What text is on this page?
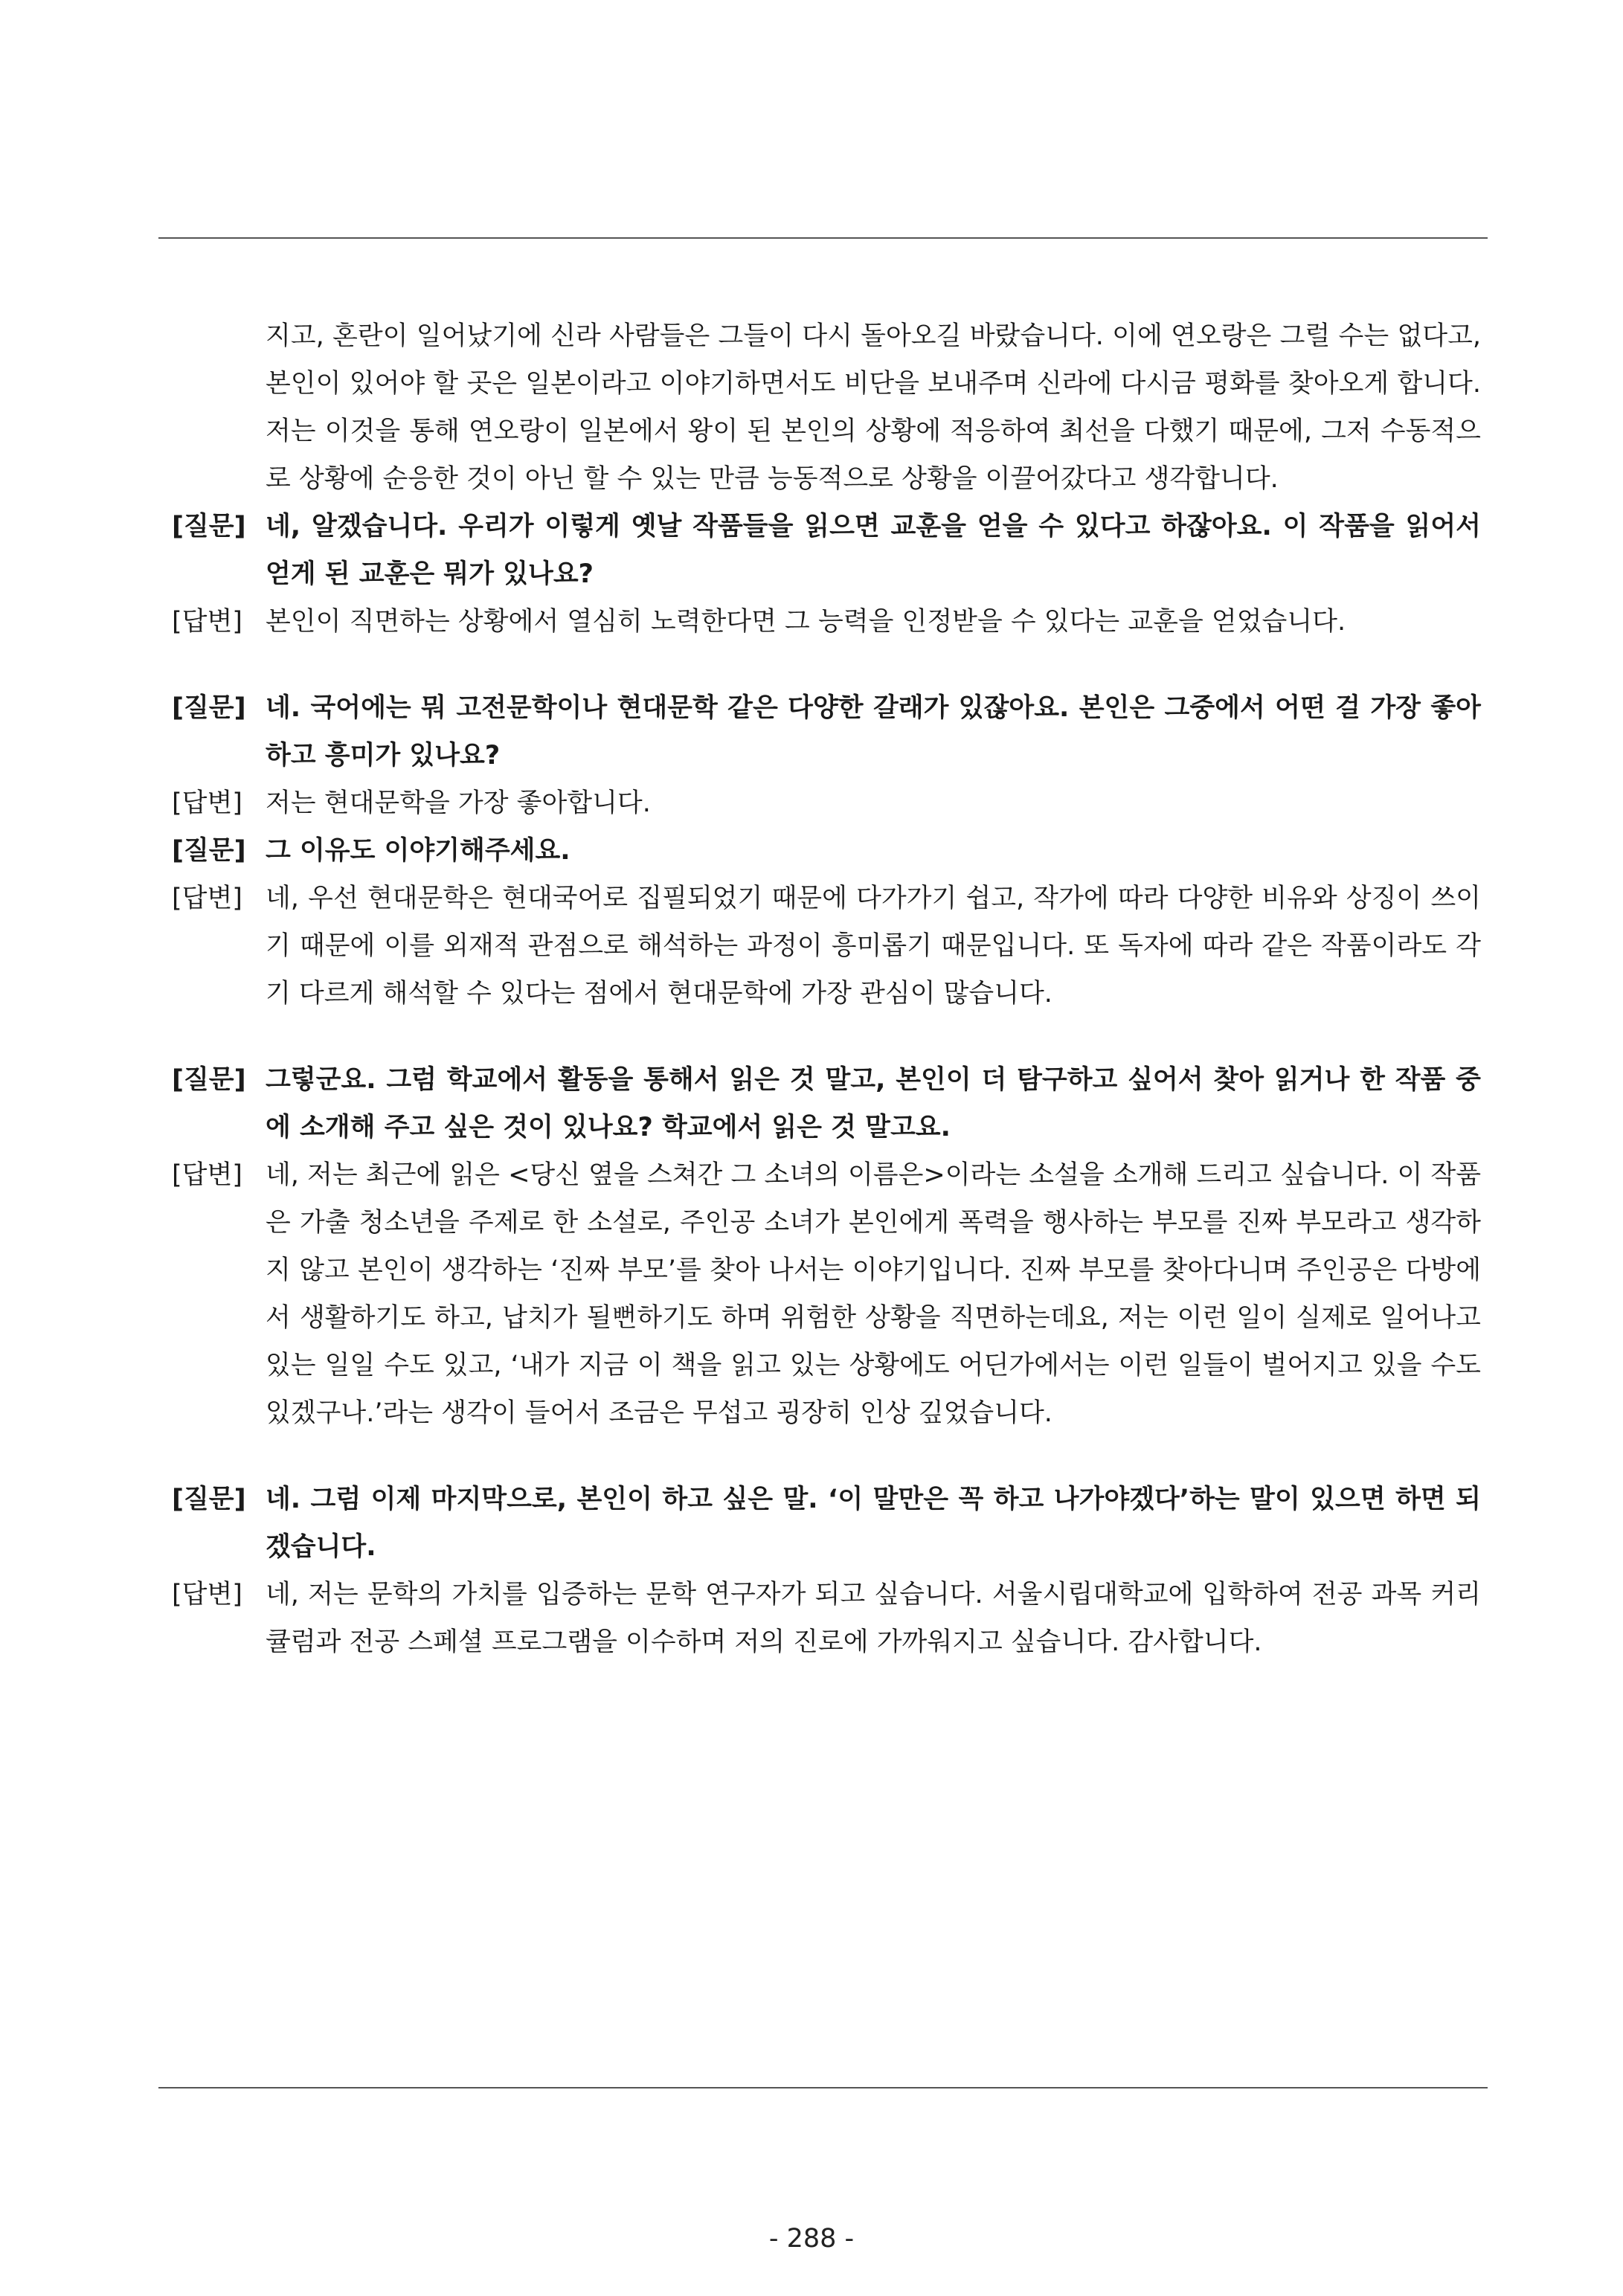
지고, 혼란이 일어났기에 신라 사람들은 그들이 다시 돌아오길 바랐습니다. 이에 연오랑은 그럴 수는 없다고, 본인이 있어야 할 곳은 일본이라고 이야기하면서도 비단을 보내주며 신라에 다시금 평화를 찾아오게 합니다. 저는 이것을 통해 연오랑이 일본에서 왕이 된 본인의 상황에 적응하여 최선을 다했기 때문에, 그저 수동적으로 상황에 순응한 것이 아닌 할 수 있는 만큼 능동적으로 상황을 이끌어갔다고 생각합니다.
[질문] 네, 알겠습니다. 우리가 이렇게 옛날 작품들을 읽으면 교훈을 얻을 수 있다고 하잖아요. 이 작품을 읽어서 얻게 된 교훈은 뭐가 있나요?
[답변] 본인이 직면하는 상황에서 열심히 노력한다면 그 능력을 인정받을 수 있다는 교훈을 얻었습니다.
[질문] 네. 국어에는 뭐 고전문학이나 현대문학 같은 다양한 갈래가 있잖아요. 본인은 그중에서 어떤 걸 가장 좋아하고 흥미가 있나요?
[답변] 저는 현대문학을 가장 좋아합니다.
[질문] 그 이유도 이야기해주세요.
[답변] 네, 우선 현대문학은 현대국어로 집필되었기 때문에 다가가기 쉽고, 작가에 따라 다양한 비유와 상징이 쓰이기 때문에 이를 외재적 관점으로 해석하는 과정이 흥미롭기 때문입니다. 또 독자에 따라 같은 작품이라도 각기 다르게 해석할 수 있다는 점에서 현대문학에 가장 관심이 많습니다.
[질문] 그렇군요. 그럼 학교에서 활동을 통해서 읽은 것 말고, 본인이 더 탐구하고 싶어서 찾아 읽거나 한 작품 중에 소개해 주고 싶은 것이 있나요? 학교에서 읽은 것 말고요.
[답변] 네, 저는 최근에 읽은 <당신 옆을 스쳐간 그 소녀의 이름은>이라는 소설을 소개해 드리고 싶습니다. 이 작품은 가출 청소년을 주제로 한 소설로, 주인공 소녀가 본인에게 폭력을 행사하는 부모를 진짜 부모라고 생각하지 않고 본인이 생각하는 ‘진짜 부모’를 찾아 나서는 이야기입니다. 진짜 부모를 찾아다니며 주인공은 다방에서 생활하기도 하고, 납치가 될뻔하기도 하며 위험한 상황을 직면하는데요, 저는 이런 일이 실제로 일어나고 있는 일일 수도 있고, ‘내가 지금 이 책을 읽고 있는 상황에도 어딘가에서는 이런 일들이 벌어지고 있을 수도 있겠구나.’라는 생각이 들어서 조금은 무섭고 굉장히 인상 깊었습니다.
[질문] 네. 그럼 이제 마지막으로, 본인이 하고 싶은 말. ‘이 말만은 꼭 하고 나가야겠다’하는 말이 있으면 하면 되겠습니다.
[답변] 네, 저는 문학의 가치를 입증하는 문학 연구자가 되고 싶습니다. 서울시립대학교에 입학하여 전공 과목 커리큘럼과 전공 스페셜 프로그램을 이수하며 저의 진로에 가까워지고 싶습니다. 감사합니다.
- 288 -
